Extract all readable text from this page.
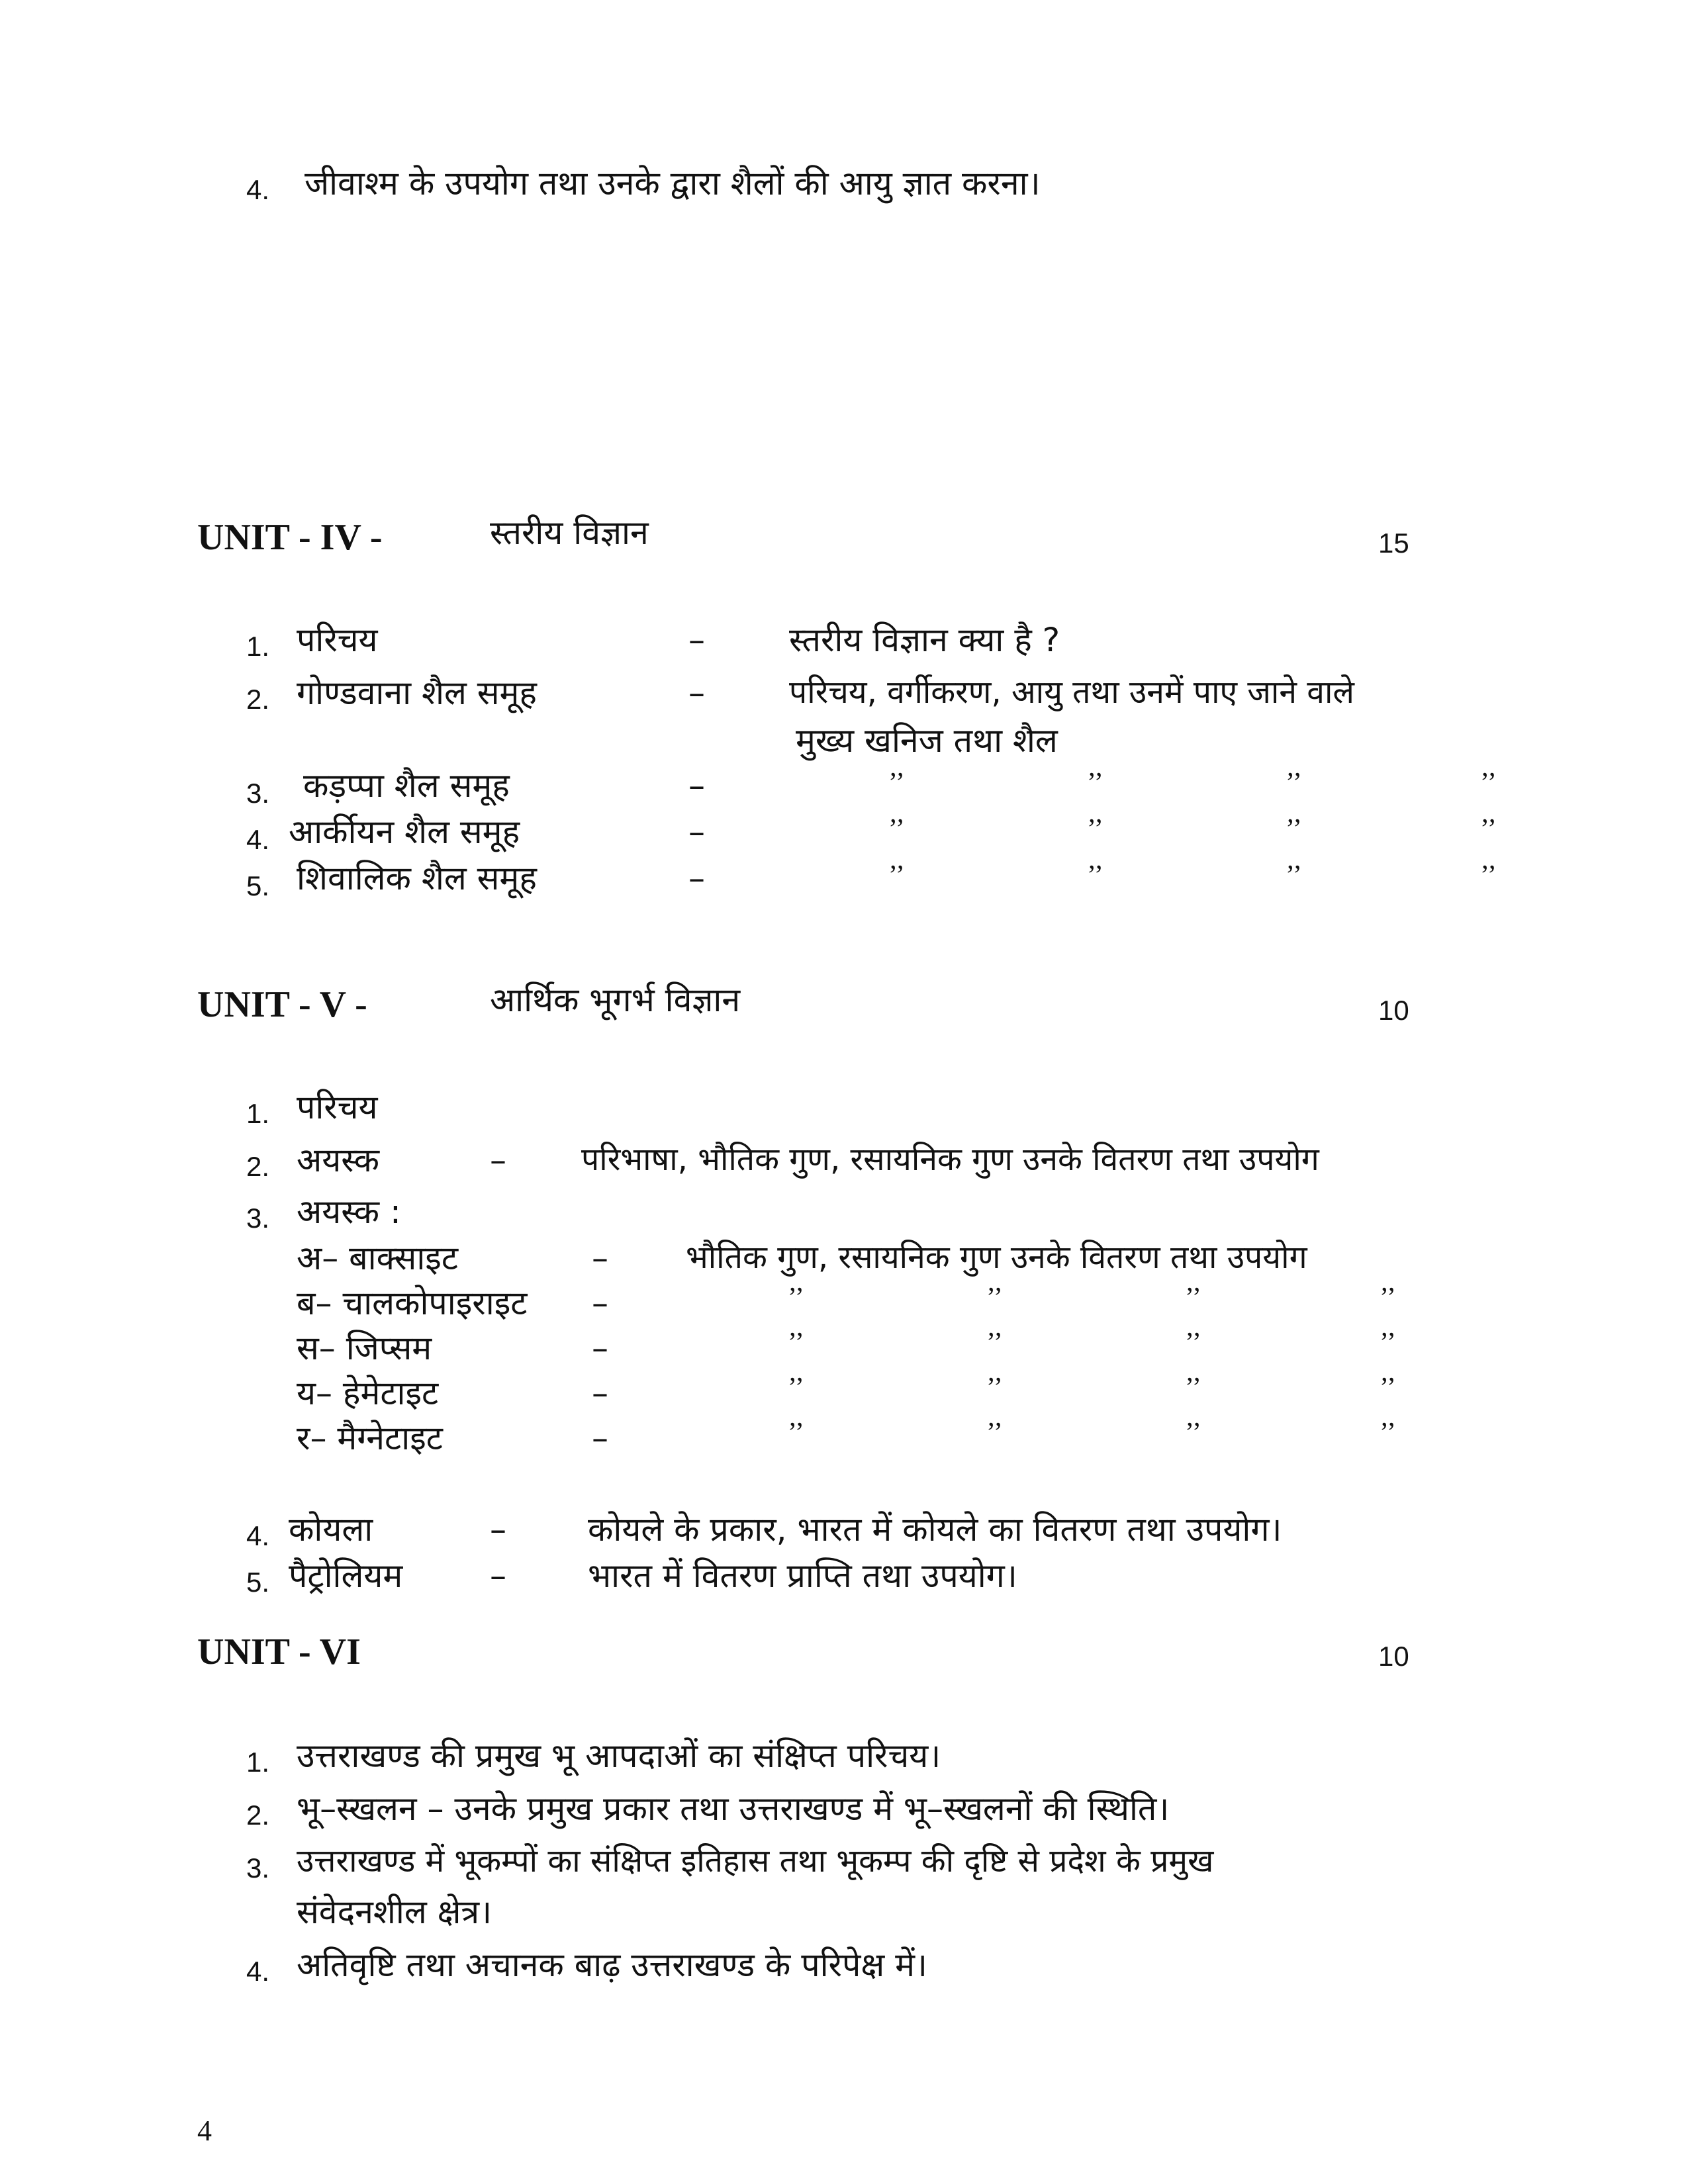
4. जीवाश्म के उपयोग तथा उनके द्वारा शैलों की आयु ज्ञात करना।
UNIT - IV -	स्तरीय विज्ञान	15
1. परिचय	–	स्तरीय विज्ञान क्या है ?
2. गोण्डवाना शैल समूह	–	परिचय, वर्गीकरण, आयु तथा उनमें पाए जाने वाले
मुख्य खनिज तथा शैल
3. कड़प्पा शैल समूह	–	’’	’’	’’	’’
4. आर्कीयन शैल समूह	–	’’	’’	’’	’’
5. शिवालिक शैल समूह	–	’’	’’	’’	’’
UNIT - V -	आर्थिक भूगर्भ विज्ञान	10
1. परिचय
2. अयस्क	– परिभाषा, भौतिक गुण, रसायनिक गुण उनके वितरण तथा उपयोग
3. अयस्क :
अ– बाक्साइट	– भौतिक गुण, रसायनिक गुण उनके वितरण तथा उपयोग
ब– चालकोपाइराइट –	’’	’’	’’	’’
स– जिप्सम	–	’’	’’	’’	’’
य– हेमेटाइट	–	’’	’’	’’	’’
र– मैग्नेटाइट	–	’’	’’	’’	’’
4. कोयला	– कोयले के प्रकार, भारत में कोयले का वितरण तथा उपयोग।
5. पैट्रोलियम	– भारत में वितरण प्राप्ति तथा उपयोग।
UNIT - VI	10
1. उत्तराखण्ड की प्रमुख भू आपदाओं का संक्षिप्त परिचय।
2. भू–स्खलन – उनके प्रमुख प्रकार तथा उत्तराखण्ड में भू–स्खलनों की स्थिति।
3. उत्तराखण्ड में भूकम्पों का संक्षिप्त इतिहास तथा भूकम्प की दृष्टि से प्रदेश के प्रमुख
संवेदनशील क्षेत्र।
4. अतिवृष्टि तथा अचानक बाढ़ उत्तराखण्ड के परिपेक्ष में।
4
